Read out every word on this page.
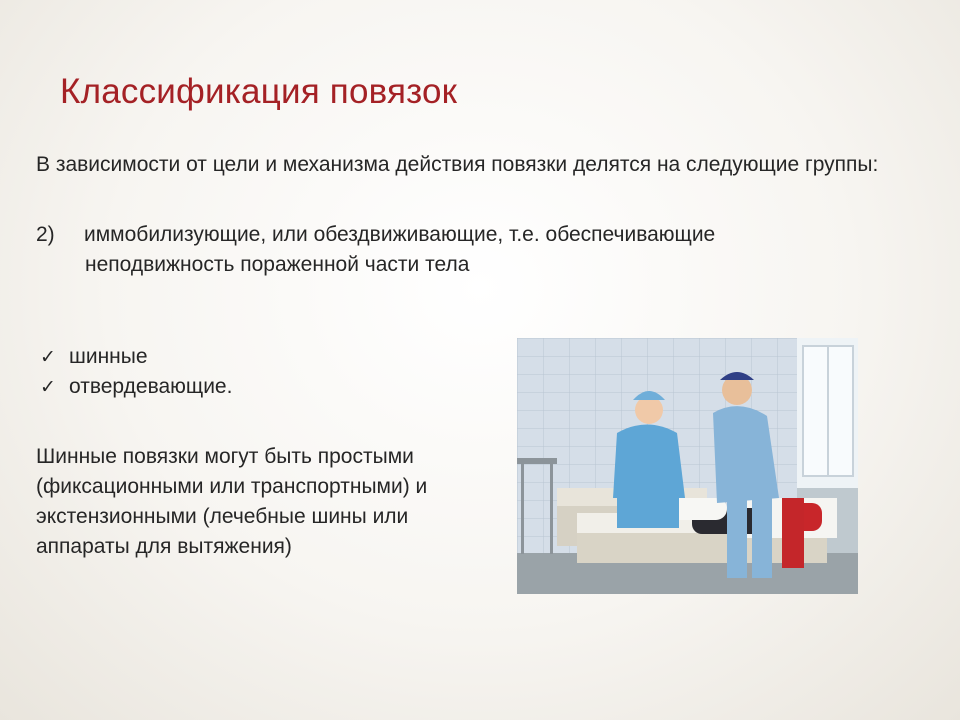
Классификация повязок

В зависимости от цели и механизма действия повязки делятся на следующие группы:

2) иммобилизующие, или обездвиживающие, т.е. обеспечивающие
неподвижность пораженной части тела

✓ шинные
✓ отвердевающие.

Шинные повязки могут быть простыми (фиксационными или транспортными) и экстензионными (лечебные шины или аппараты для вытяжения)
